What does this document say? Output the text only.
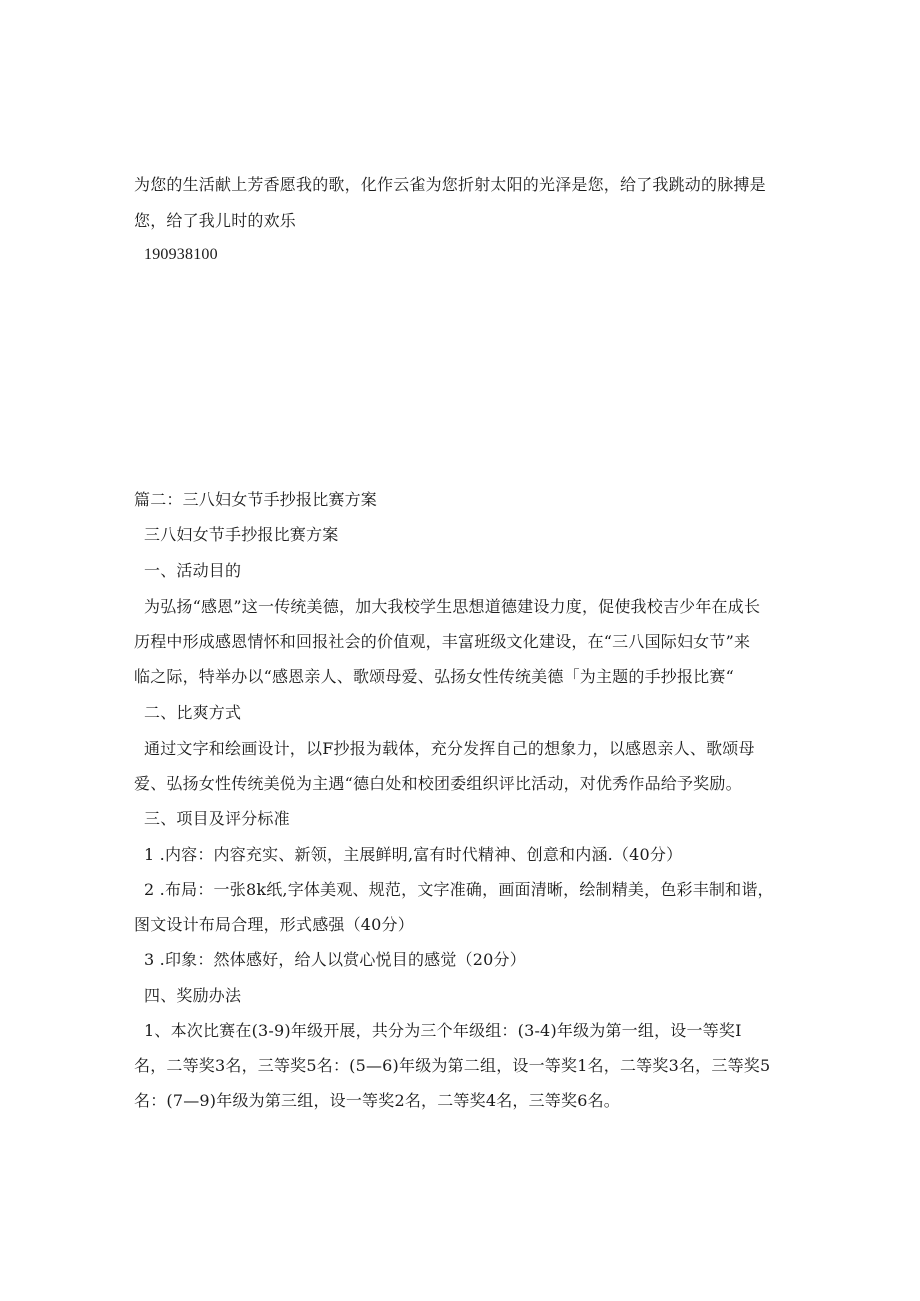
为您的生活献上芳香愿我的歌，化作云雀为您折射太阳的光泽是您，给了我跳动的脉搏是
您，给了我儿时的欢乐
190938100
篇二：三八妇女节手抄报比赛方案
三八妇女节手抄报比赛方案
一、活动目的
为弘扬“感恩”这一传统美德，加大我校学生思想道德建设力度，促使我校吉少年在成长
历程中形成感恩情怀和回报社会的价值观，丰富班级文化建设，在“三八国际妇女节”来
临之际，特举办以“感恩亲人、歌颂母爱、弘扬女性传统美德「为主题的手抄报比赛“
二、比爽方式
通过文字和绘画设计，以F抄报为载体，充分发挥自己的想象力，以感恩亲人、歌颂母
爱、弘扬女性传统美侻为主遇“德白处和校团委组织评比活动，对优秀作品给予奖励。
三、项目及评分标准
1 .内容：内容充实、新领，主展鲜明,富有时代精神、创意和内涵.（40分）
2 .布局：一张8k纸,字体美观、规范，文字准确，画面清晰，绘制精美，色彩丰制和谐，
图文设计布局合理，形式感强（40分）
3 .印象：然体感好，给人以赏心悦目的感觉（20分）
四、奖励办法
1、本次比赛在(3-9)年级开展，共分为三个年级组：(3-4)年级为第一组，设一等奖I
名，二等奖3名，三等奖5名：(5—6)年级为第二组，设一等奖1名，二等奖3名，三等奖5
名：(7—9)年级为第三组，设一等奖2名，二等奖4名，三等奖6名。
